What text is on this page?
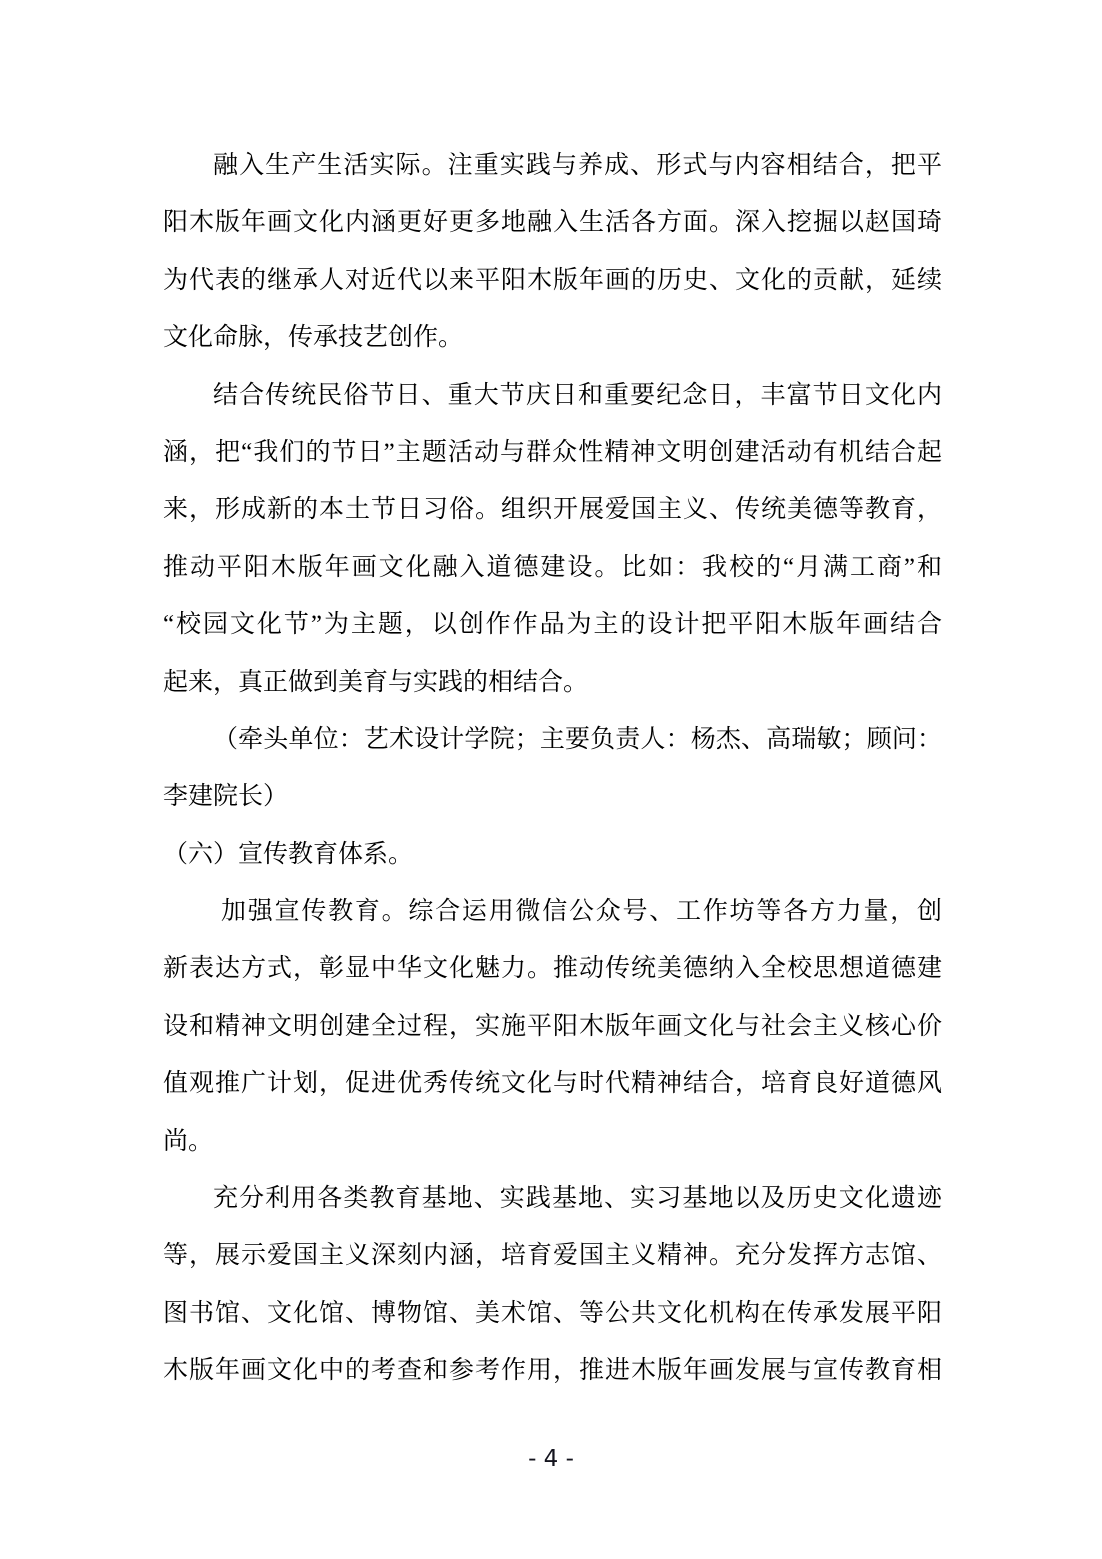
融入生产生活实际。注重实践与养成、形式与内容相结合，把平
阳木版年画文化内涵更好更多地融入生活各方面。深入挖掘以赵国琦
为代表的继承人对近代以来平阳木版年画的历史、文化的贡献，延续
文化命脉，传承技艺创作。
结合传统民俗节日、重大节庆日和重要纪念日，丰富节日文化内
涵，把“我们的节日”主题活动与群众性精神文明创建活动有机结合起
来，形成新的本土节日习俗。组织开展爱国主义、传统美德等教育，
推动平阳木版年画文化融入道德建设。比如：我校的“月满工商”和
“校园文化节”为主题，以创作作品为主的设计把平阳木版年画结合
起来，真正做到美育与实践的相结合。
（牵头单位：艺术设计学院；主要负责人：杨杰、高瑞敏；顾问：
李建院长）
（六）宣传教育体系。
加强宣传教育。综合运用微信公众号、工作坊等各方力量，创
新表达方式，彰显中华文化魅力。推动传统美德纳入全校思想道德建
设和精神文明创建全过程，实施平阳木版年画文化与社会主义核心价
值观推广计划，促进优秀传统文化与时代精神结合，培育良好道德风
尚。
充分利用各类教育基地、实践基地、实习基地以及历史文化遗迹
等，展示爱国主义深刻内涵，培育爱国主义精神。充分发挥方志馆、
图书馆、文化馆、博物馆、美术馆、等公共文化机构在传承发展平阳
木版年画文化中的考查和参考作用，推进木版年画发展与宣传教育相
- 4 -
